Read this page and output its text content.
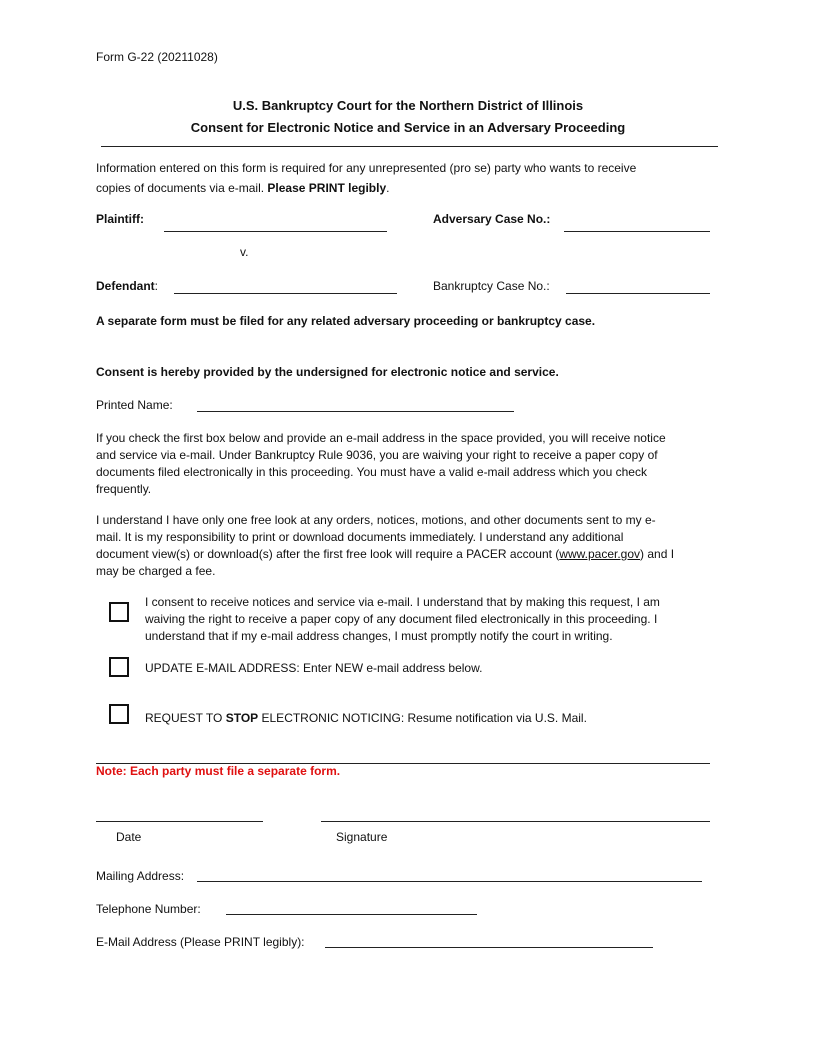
Form G-22 (20211028)
U.S. Bankruptcy Court for the Northern District of Illinois
Consent for Electronic Notice and Service in an Adversary Proceeding
Information entered on this form is required for any unrepresented (pro se) party who wants to receive
copies of documents via e-mail. Please PRINT legibly.
Plaintiff:	Adversary Case No.:
v.
Defendant:	Bankruptcy Case No.:
A separate form must be filed for any related adversary proceeding or bankruptcy case.
Consent is hereby provided by the undersigned for electronic notice and service.
Printed Name:
If you check the first box below and provide an e-mail address in the space provided, you will receive notice
and service via e-mail. Under Bankruptcy Rule 9036, you are waiving your right to receive a paper copy of
documents filed electronically in this proceeding. You must have a valid e-mail address which you check
frequently.
I understand I have only one free look at any orders, notices, motions, and other documents sent to my e-
mail. It is my responsibility to print or download documents immediately. I understand any additional
document view(s) or download(s) after the first free look will require a PACER account (www.pacer.gov) and I
may be charged a fee.
I consent to receive notices and service via e-mail. I understand that by making this request, I am
waiving the right to receive a paper copy of any document filed electronically in this proceeding. I
understand that if my e-mail address changes, I must promptly notify the court in writing.
UPDATE E-MAIL ADDRESS: Enter NEW e-mail address below.
REQUEST TO STOP ELECTRONIC NOTICING: Resume notification via U.S. Mail.
Note: Each party must file a separate form.
Date	Signature
Mailing Address:
Telephone Number:
E-Mail Address (Please PRINT legibly):
